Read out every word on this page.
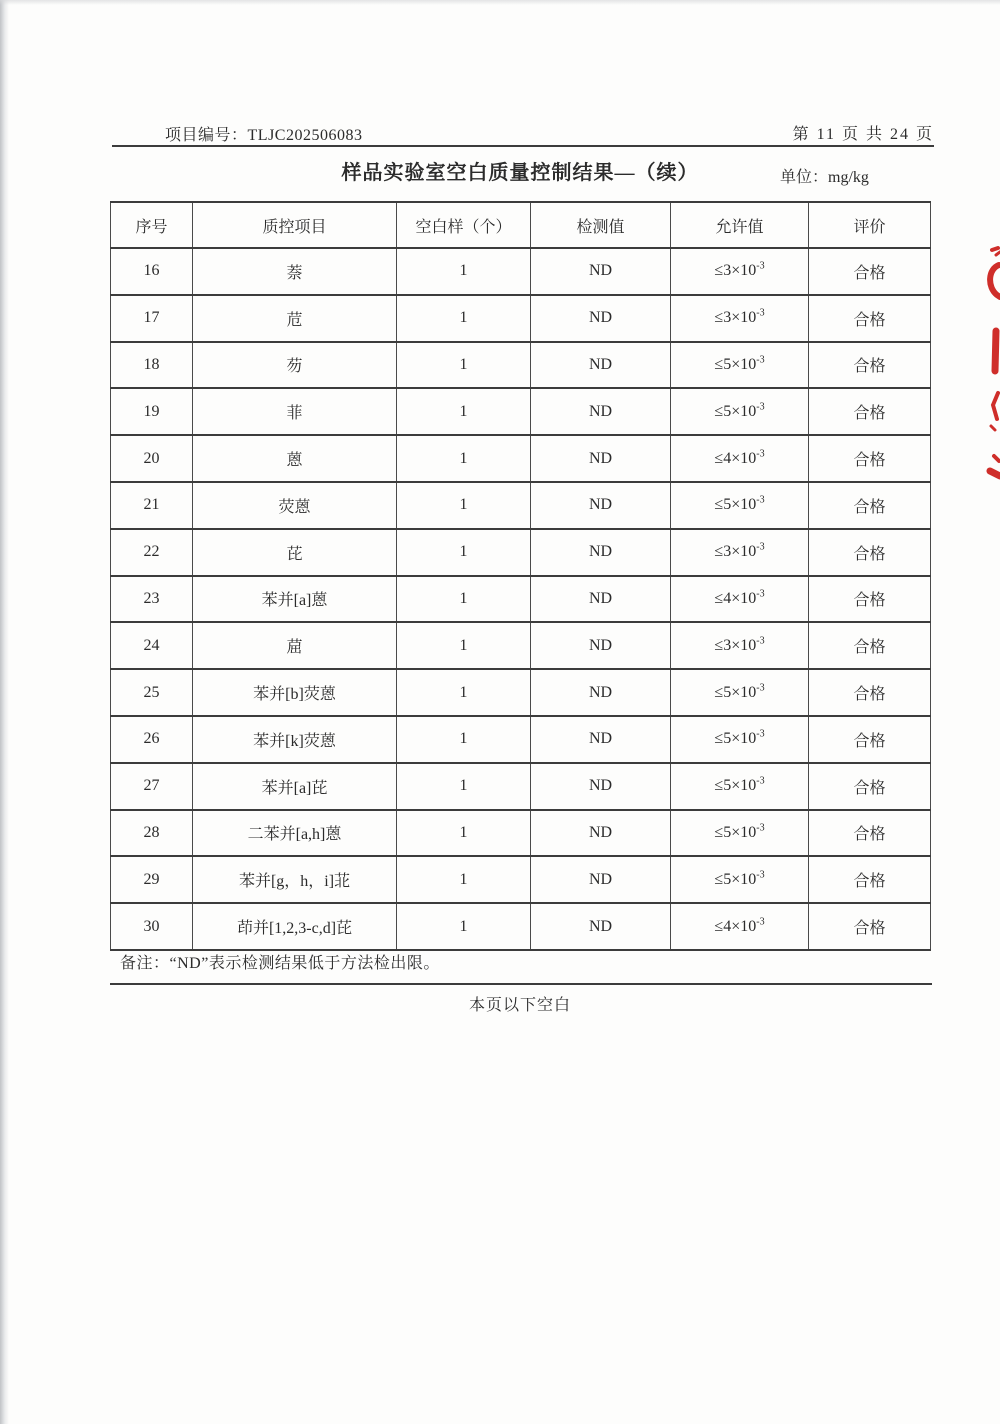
项目编号：TLJC202506083	第 11 页 共 24 页
样品实验室空白质量控制结果—（续）	单位：mg/kg
序号	质控项目	空白样（个）	检测值	允许值	评价
16	萘	1	ND	$\le 3\times 10^{-3}$	合格
17	苊	1	ND	$\le 3\times 10^{-3}$	合格
18	芴	1	ND	$\le 5\times 10^{-3}$	合格
19	菲	1	ND	$\le 5\times 10^{-3}$	合格
20	蒽	1	ND	$\le 4\times 10^{-3}$	合格
21	荧蒽	1	ND	$\le 5\times 10^{-3}$	合格
22	芘	1	ND	$\le 3\times 10^{-3}$	合格
23	苯并[a]蒽	1	ND	$\le 4\times 10^{-3}$	合格
24	䓛	1	ND	$\le 3\times 10^{-3}$	合格
25	苯并[b]荧蒽	1	ND	$\le 5\times 10^{-3}$	合格
26	苯并[k]荧蒽	1	ND	$\le 5\times 10^{-3}$	合格
27	苯并[a]芘	1	ND	$\le 5\times 10^{-3}$	合格
28	二苯并[a,h]蒽	1	ND	$\le 5\times 10^{-3}$	合格
29	苯并[g，h，i]苝	1	ND	$\le 5\times 10^{-3}$	合格
30	茚并[1,2,3-c,d]芘	1	ND	$\le 4\times 10^{-3}$	合格
备注：“ND”表示检测结果低于方法检出限。
本页以下空白
